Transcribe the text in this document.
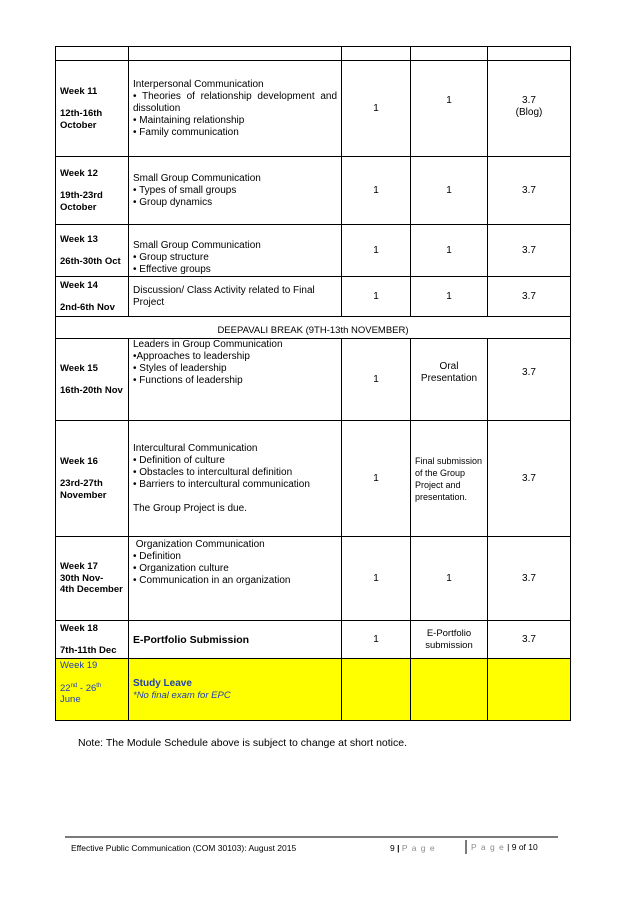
Week 11
12th-16th
October	Interpersonal Communication
• Theories of relationship development and
dissolution
• Maintaining relationship
• Family communication	1	1	3.7
(Blog)

Week 12
19th-23rd
October	Small Group Communication
• Types of small groups
• Group dynamics	1	1	3.7

Week 13
26th-30th Oct	Small Group Communication
• Group structure
• Effective groups	1	1	3.7

Week 14
2nd-6th Nov	Discussion/ Class Activity related to Final
Project	1	1	3.7
DEEPAVALI BREAK (9TH-13th NOVEMBER)				

Week 15
16th-20th Nov	Leaders in Group Communication
•Approaches to leadership
• Styles of leadership
• Functions of leadership	1	Oral
Presentation	3.7

Week 16
23rd-27th
November	Intercultural Communication
• Definition of culture
• Obstacles to intercultural definition
• Barriers to intercultural communication
The Group Project is due.	1	Final submission
of the Group
Project and
presentation.	3.7

Week 17
30th Nov-
4th December	Organization Communication
• Definition
• Organization culture
• Communication in an organization	1	1	3.7

Week 18
7th-11th Dec	E-Portfolio Submission	1	E-Portfolio
submission	3.7

Week 19
22nd - 26th
June	Study Leave
*No final exam for EPC			

Note: The Module Schedule above is subject to change at short notice.
Effective Public Communication (COM 30103): August 2015	9 | P a g e	P a g e | 9 of 10
